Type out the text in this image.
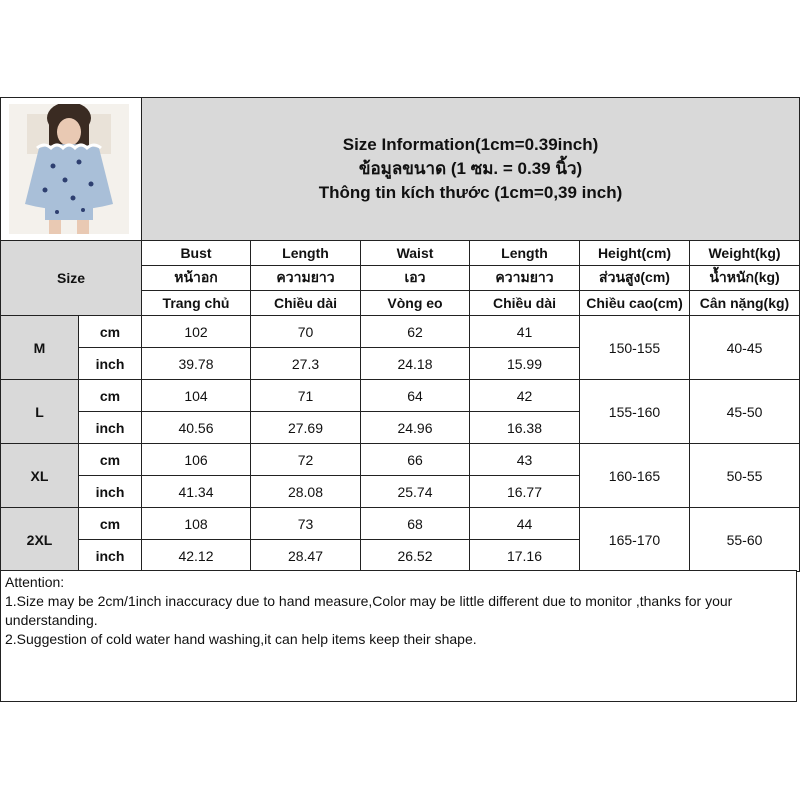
Size Information(1cm=0.39inch)
ข้อมูลขนาด (1 ซม. = 0.39 นิ้ว)
Thông tin kích thước (1cm=0,39 inch)					

Size		Bust	Length	Waist	Length	Height(cm)	Weight(kg)
		หน้าอก	ความยาว	เอว	ความยาว	ส่วนสูง(cm)	น้ำหนัก(kg)
		Trang chủ	Chiều dài	Vòng eo	Chiều dài	Chiều cao(cm)	Cân nặng(kg)
M	cm	102	70	62	41	150-155	40-45
	inch	39.78	27.3	24.18	15.99		
L	cm	104	71	64	42	155-160	45-50
	inch	40.56	27.69	24.96	16.38		
XL	cm	106	72	66	43	160-165	50-55
	inch	41.34	28.08	25.74	16.77		
2XL	cm	108	73	68	44	165-170	55-60
	inch	42.12	28.47	26.52	17.16		
Attention:
1.Size may be 2cm/1inch inaccuracy due to hand measure,Color may be little different due to monitor ,thanks for your understanding.
2.Suggestion of cold water hand washing,it can help items keep their shape.
